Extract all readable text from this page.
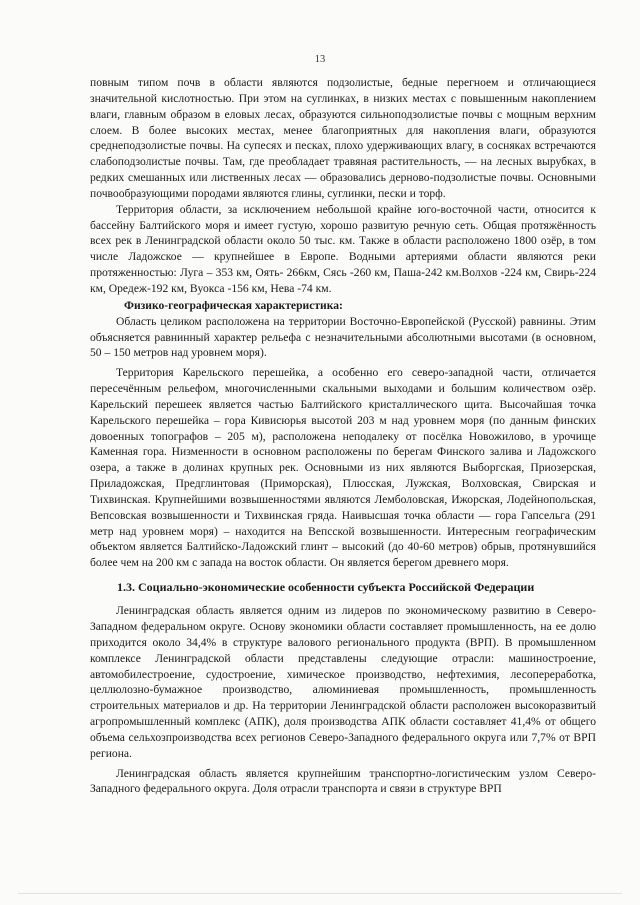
13

повным типом почв в области являются подзолистые, бедные перегноем и отличающиеся значительной кислотностью. При этом на суглинках, в низких местах с повышенным накоплением влаги, главным образом в еловых лесах, образуются сильноподзолистые почвы с мощным верхним слоем. В более высоких местах, менее благоприятных для накопления влаги, образуются среднеподзолистые почвы. На супесях и песках, плохо удерживающих влагу, в сосняках встречаются слабоподзолистые почвы. Там, где преобладает травяная растительность, — на лесных вырубках, в редких смешанных или лиственных лесах — образовались дерново-подзолистые почвы. Основными почвообразующими породами являются глины, суглинки, пески и торф.

Территория области, за исключением небольшой крайне юго-восточной части, относится к бассейну Балтийского моря и имеет густую, хорошо развитую речную сеть. Общая протяжённость всех рек в Ленинградской области около 50 тыс. км. Также в области расположено 1800 озёр, в том числе Ладожское — крупнейшее в Европе. Водными артериями области являются реки протяженностью: Луга – 353 км, Оять- 266км, Сясь -260 км, Паша-242 км.Волхов -224 км, Свирь-224 км, Оредеж-192 км, Вуокса -156 км, Нева -74 км.

Физико-географическая характеристика:

Область целиком расположена на территории Восточно-Европейской (Русской) равнины. Этим объясняется равнинный характер рельефа с незначительными абсолютными высотами (в основном, 50 – 150 метров над уровнем моря).

Территория Карельского перешейка, а особенно его северо-западной части, отличается пересечённым рельефом, многочисленными скальными выходами и большим количеством озёр. Карельский перешеек является частью Балтийского кристаллического щита. Высочайшая точка Карельского перешейка – гора Кивисюрья высотой 203 м над уровнем моря (по данным финских довоенных топографов – 205 м), расположена неподалеку от посёлка Новожилово, в урочище Каменная гора. Низменности в основном расположены по берегам Финского залива и Ладожского озера, а также в долинах крупных рек. Основными из них являются Выборгская, Приозерская, Приладожская, Предглинтовая (Приморская), Плюсская, Лужская, Волховская, Свирская и Тихвинская. Крупнейшими возвышенностями являются Лемболовская, Ижорская, Лодейнопольская, Вепсовская возвышенности и Тихвинская гряда. Наивысшая точка области — гора Гапсельга (291 метр над уровнем моря) – находится на Вепсской возвышенности. Интересным географическим объектом является Балтийско-Ладожский глинт – высокий (до 40-60 метров) обрыв, протянувшийся более чем на 200 км с запада на восток области. Он является берегом древнего моря.

1.3. Социально-экономические особенности субъекта Российской Федерации

Ленинградская область является одним из лидеров по экономическому развитию в Северо-Западном федеральном округе. Основу экономики области составляет промышленность, на ее долю приходится около 34,4% в структуре валового регионального продукта (ВРП). В промышленном комплексе Ленинградской области представлены следующие отрасли: машиностроение, автомобилестроение, судостроение, химическое производство, нефтехимия, лесопереработка, целлюлозно-бумажное производство, алюминиевая промышленность, промышленность строительных материалов и др. На территории Ленинградской области расположен высокоразвитый агропромышленный комплекс (АПК), доля производства АПК области составляет 41,4% от общего объема сельхозпроизводства всех регионов Северо-Западного федерального округа или 7,7% от ВРП региона.

Ленинградская область является крупнейшим транспортно-логистическим узлом Северо-Западного федерального округа. Доля отрасли транспорта и связи в структуре ВРП
